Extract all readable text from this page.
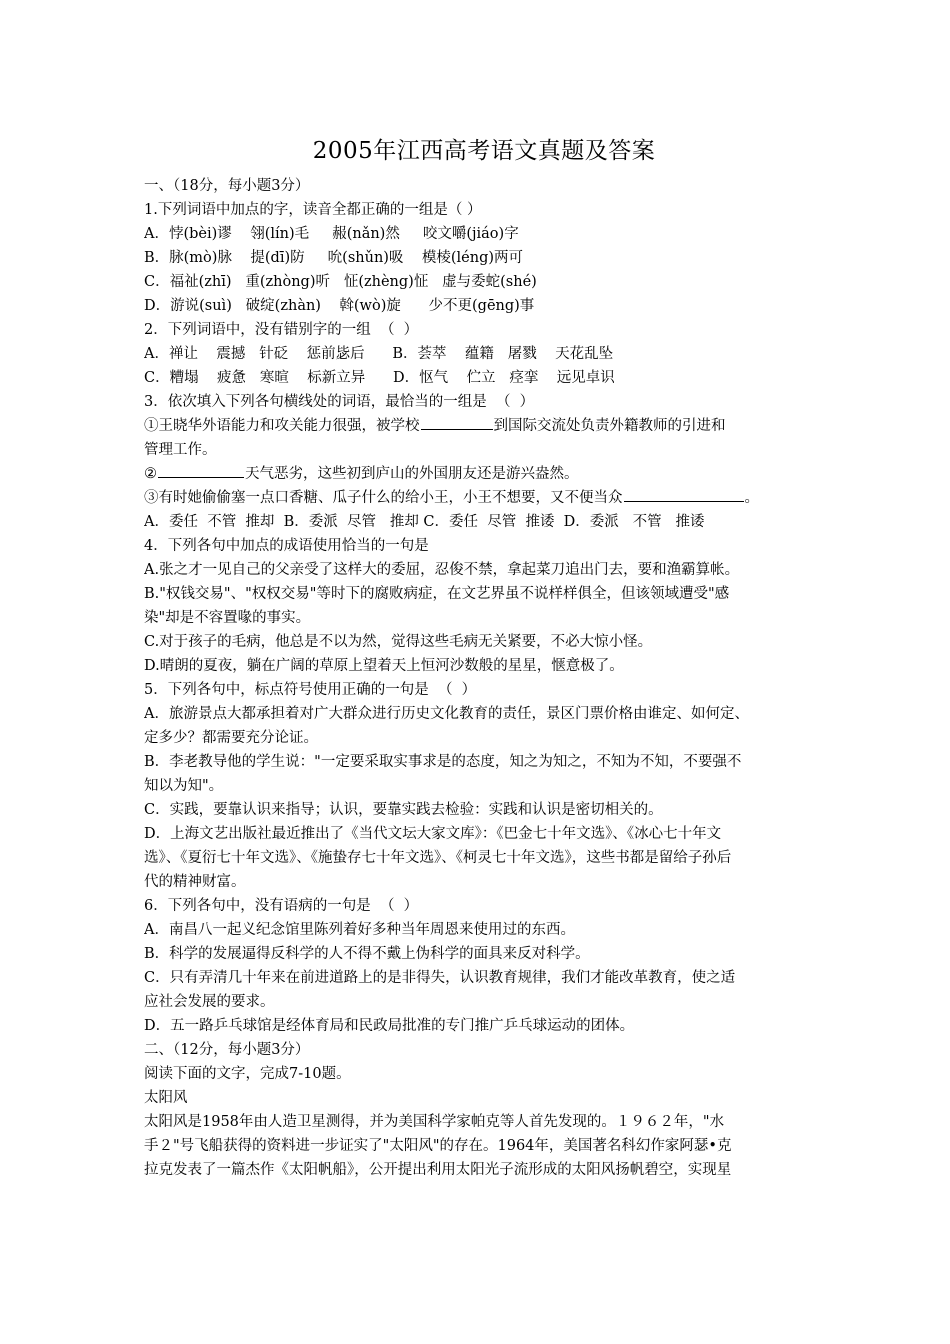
2005年江西高考语文真题及答案
一、（18分，每小题3分）
1.下列词语中加点的字，读音全都正确的一组是（ ）
A．悖(bèi)谬    翎(lín)毛     赧(nǎn)然     咬文嚼(jiáo)字
B．脉(mò)脉    提(dī)防     吮(shǔn)吸    模棱(léng)两可
C．福祉(zhī)   重(zhòng)听   怔(zhèng)怔   虚与委蛇(shé)
D．游说(suì)   破绽(zhàn)    斡(wò)旋      少不更(gēng)事
2．下列词语中，没有错别字的一组  （  ）
A．禅让    震撼   针砭    惩前毖后      B．荟萃    蕴籍   屠戮    天花乱坠
C．糟塌    疲惫   寒暄    标新立异      D．怄气    伫立   痉挛    远见卓识
3．依次填入下列各句横线处的词语，最恰当的一组是  （  ）
①王晓华外语能力和攻关能力很强，被学校	到国际交流处负责外籍教师的引进和
管理工作。
②	天气恶劣，这些初到庐山的外国朋友还是游兴盎然。
③有时她偷偷塞一点口香糖、瓜子什么的给小王，小王不想要，又不便当众	。
A．委任  不管  推却  B．委派  尽管   推却 C．委任  尽管  推诿  D．委派   不管   推诿
4．下列各句中加点的成语使用恰当的一句是
A.张之才一见自己的父亲受了这样大的委屈，忍俊不禁，拿起菜刀追出门去，要和渔霸算帐。
B."权钱交易"、"权权交易"等时下的腐败病症，在文艺界虽不说样样俱全，但该领域遭受"感
染"却是不容置喙的事实。
C.对于孩子的毛病，他总是不以为然，觉得这些毛病无关紧要，不必大惊小怪。
D.晴朗的夏夜，躺在广阔的草原上望着天上恒河沙数般的星星，惬意极了。
5．下列各句中，标点符号使用正确的一句是  （  ）
A．旅游景点大都承担着对广大群众进行历史文化教育的责任，景区门票价格由谁定、如何定、
定多少？都需要充分论证。
B．李老教导他的学生说："一定要采取实事求是的态度，知之为知之，不知为不知，不要强不
知以为知"。
C．实践，要靠认识来指导；认识，要靠实践去检验：实践和认识是密切相关的。
D．上海文艺出版社最近推出了《当代文坛大家文库》：《巴金七十年文选》、《冰心七十年文
选》、《夏衍七十年文选》、《施蛰存七十年文选》、《柯灵七十年文选》，这些书都是留给子孙后
代的精神财富。
6．下列各句中，没有语病的一句是  （  ）
A．南昌八一起义纪念馆里陈列着好多种当年周恩来使用过的东西。
B．科学的发展逼得反科学的人不得不戴上伪科学的面具来反对科学。
C．只有弄清几十年来在前进道路上的是非得失，认识教育规律，我们才能改革教育，使之适
应社会发展的要求。
D．五一路乒乓球馆是经体育局和民政局批准的专门推广乒乓球运动的团体。
二、（12分，每小题3分）
阅读下面的文字，完成7-10题。
太阳风
太阳风是1958年由人造卫星测得，并为美国科学家帕克等人首先发现的。１９６２年，"水
手２"号飞船获得的资料进一步证实了"太阳风"的存在。1964年，美国著名科幻作家阿瑟•克
拉克发表了一篇杰作《太阳帆船》，公开提出利用太阳光子流形成的太阳风扬帆碧空，实现星
